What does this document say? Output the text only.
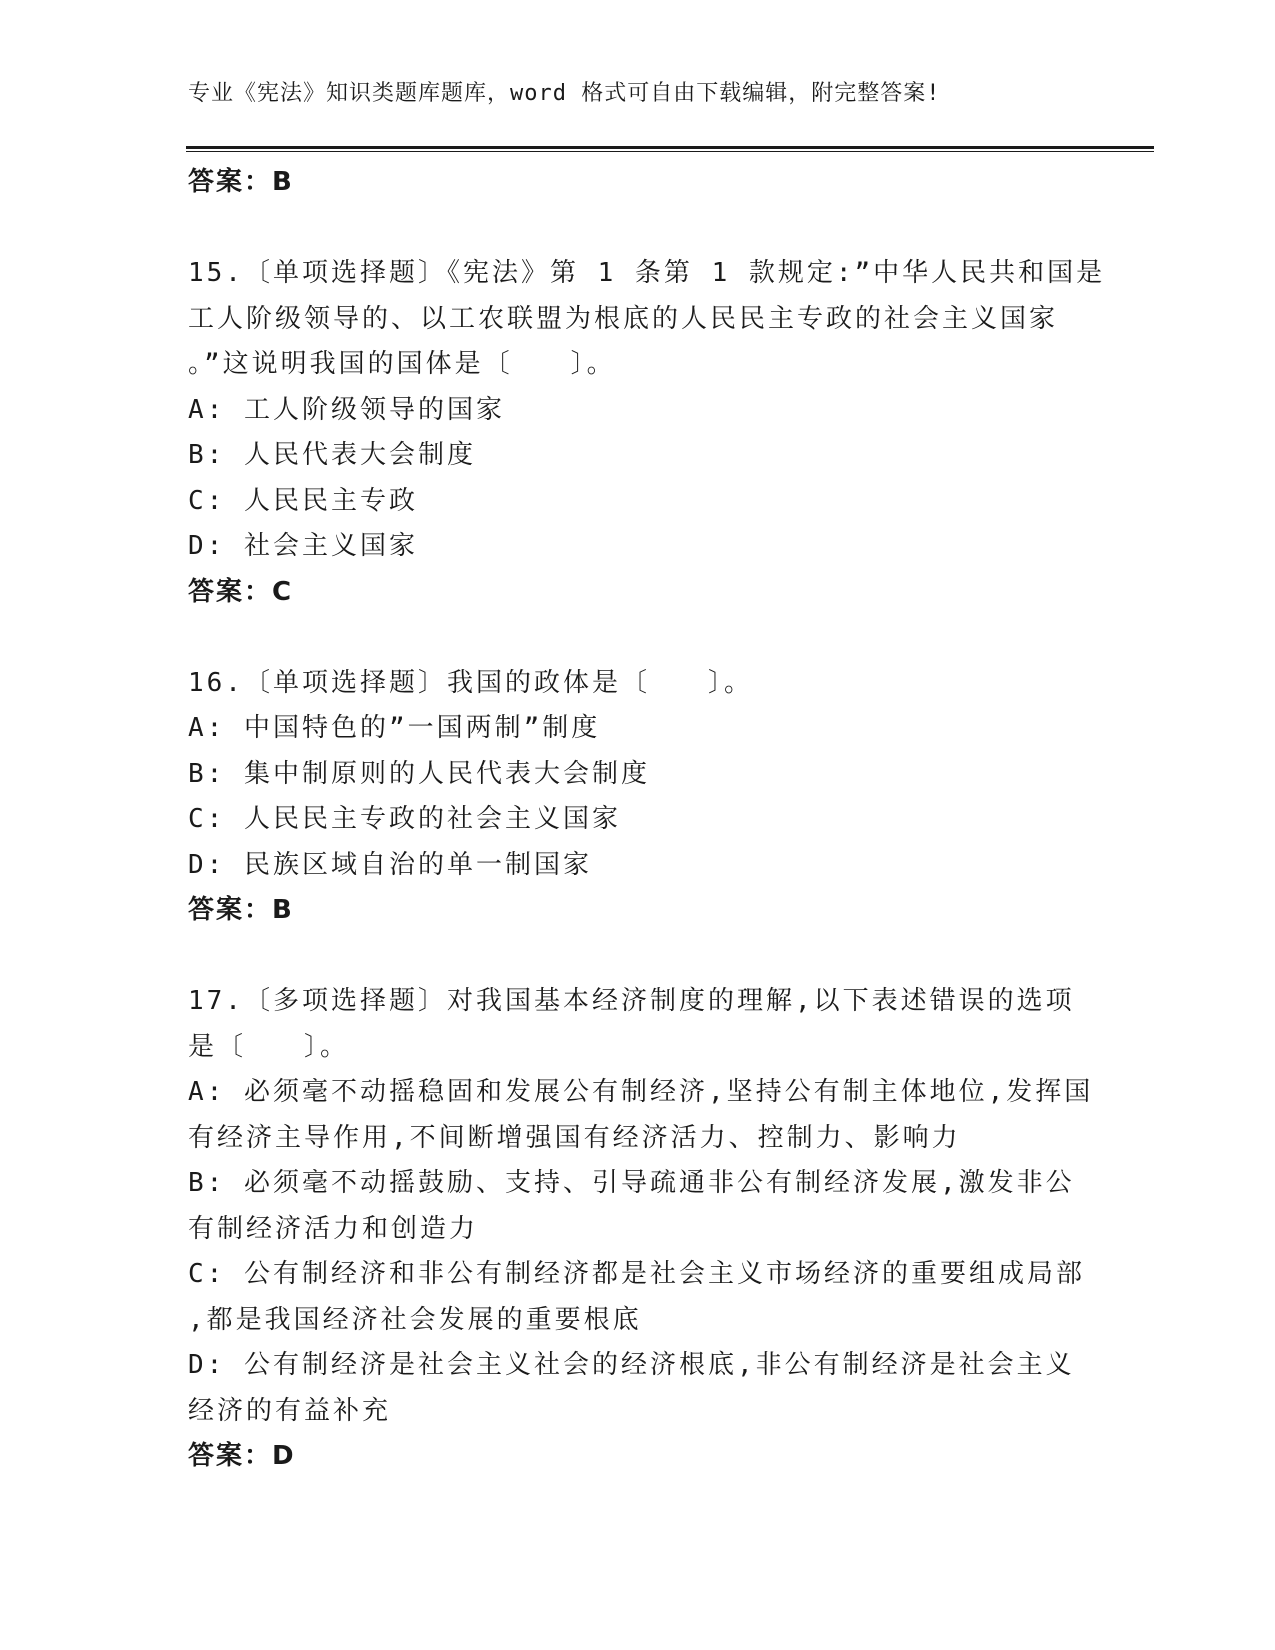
专业《宪法》知识类题库题库，word 格式可自由下载编辑，附完整答案!
答案：B
15.〔单项选择题〕《宪法》第 1 条第 1 款规定:”中华人民共和国是
工人阶级领导的、以工农联盟为根底的人民民主专政的社会主义国家
。”这说明我国的国体是〔　　〕。
A: 工人阶级领导的国家
B: 人民代表大会制度
C: 人民民主专政
D: 社会主义国家
答案：C
16.〔单项选择题〕我国的政体是〔　　〕。
A: 中国特色的”一国两制”制度
B: 集中制原则的人民代表大会制度
C: 人民民主专政的社会主义国家
D: 民族区域自治的单一制国家
答案：B
17.〔多项选择题〕对我国基本经济制度的理解,以下表述错误的选项
是〔　　〕。
A: 必须毫不动摇稳固和发展公有制经济,坚持公有制主体地位,发挥国
有经济主导作用,不间断增强国有经济活力、控制力、影响力
B: 必须毫不动摇鼓励、支持、引导疏通非公有制经济发展,激发非公
有制经济活力和创造力
C: 公有制经济和非公有制经济都是社会主义市场经济的重要组成局部
,都是我国经济社会发展的重要根底
D: 公有制经济是社会主义社会的经济根底,非公有制经济是社会主义
经济的有益补充
答案：D
